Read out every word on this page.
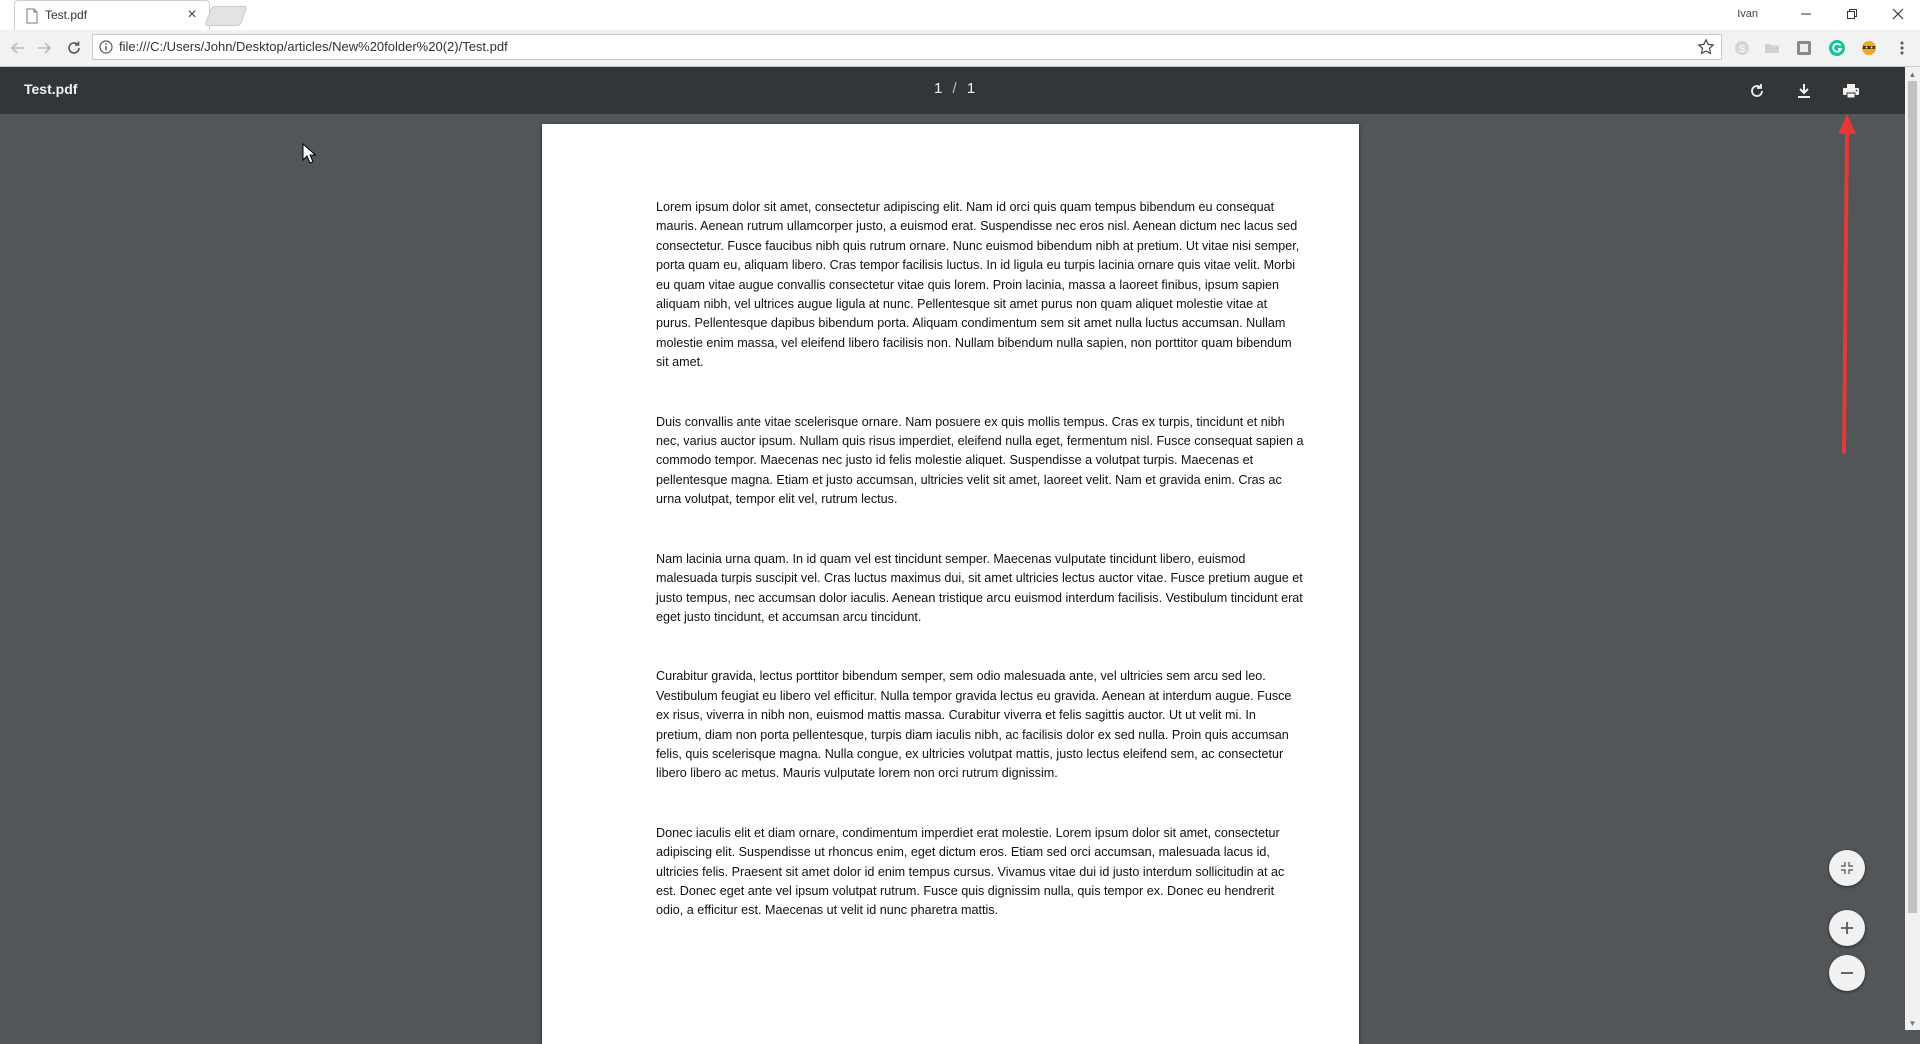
Test.pdf	×	Ivan
file:///C:/Users/John/Desktop/articles/New%20folder%20(2)/Test.pdf
S
Test.pdf	1 / 1

Lorem ipsum dolor sit amet, consectetur adipiscing elit. Nam id orci quis quam tempus bibendum eu consequat mauris. Aenean rutrum ullamcorper justo, a euismod erat. Suspendisse nec eros nisl. Aenean dictum nec lacus sed consectetur. Fusce faucibus nibh quis rutrum ornare. Nunc euismod bibendum nibh at pretium. Ut vitae nisi semper, porta quam eu, aliquam libero. Cras tempor facilisis luctus. In id ligula eu turpis lacinia ornare quis vitae velit. Morbi eu quam vitae augue convallis consectetur vitae quis lorem. Proin lacinia, massa a laoreet finibus, ipsum sapien aliquam nibh, vel ultrices augue ligula at nunc. Pellentesque sit amet purus non quam aliquet molestie vitae at purus. Pellentesque dapibus bibendum porta. Aliquam condimentum sem sit amet nulla luctus accumsan. Nullam molestie enim massa, vel eleifend libero facilisis non. Nullam bibendum nulla sapien, non porttitor quam bibendum sit amet.

Duis convallis ante vitae scelerisque ornare. Nam posuere ex quis mollis tempus. Cras ex turpis, tincidunt et nibh nec, varius auctor ipsum. Nullam quis risus imperdiet, eleifend nulla eget, fermentum nisl. Fusce consequat sapien a commodo tempor. Maecenas nec justo id felis molestie aliquet. Suspendisse a volutpat turpis. Maecenas et pellentesque magna. Etiam et justo accumsan, ultricies velit sit amet, laoreet velit. Nam et gravida enim. Cras ac urna volutpat, tempor elit vel, rutrum lectus.

Nam lacinia urna quam. In id quam vel est tincidunt semper. Maecenas vulputate tincidunt libero, euismod malesuada turpis suscipit vel. Cras luctus maximus dui, sit amet ultricies lectus auctor vitae. Fusce pretium augue et justo tempus, nec accumsan dolor iaculis. Aenean tristique arcu euismod interdum facilisis. Vestibulum tincidunt erat eget justo tincidunt, et accumsan arcu tincidunt.

Curabitur gravida, lectus porttitor bibendum semper, sem odio malesuada ante, vel ultricies sem arcu sed leo. Vestibulum feugiat eu libero vel efficitur. Nulla tempor gravida lectus eu gravida. Aenean at interdum augue. Fusce ex risus, viverra in nibh non, euismod mattis massa. Curabitur viverra et felis sagittis auctor. Ut ut velit mi. In pretium, diam non porta pellentesque, turpis diam iaculis nibh, ac facilisis dolor ex sed nulla. Proin quis accumsan felis, quis scelerisque magna. Nulla congue, ex ultricies volutpat mattis, justo lectus eleifend sem, ac consectetur libero libero ac metus. Mauris vulputate lorem non orci rutrum dignissim.

Donec iaculis elit et diam ornare, condimentum imperdiet erat molestie. Lorem ipsum dolor sit amet, consectetur adipiscing elit. Suspendisse ut rhoncus enim, eget dictum eros. Etiam sed orci accumsan, malesuada lacus id, ultricies felis. Praesent sit amet dolor id enim tempus cursus. Vivamus vitae dui id justo interdum sollicitudin at ac est. Donec eget ante vel ipsum volutpat rutrum. Fusce quis dignissim nulla, quis tempor ex. Donec eu hendrerit odio, a efficitur est. Maecenas ut velit id nunc pharetra mattis.

▲
▼
